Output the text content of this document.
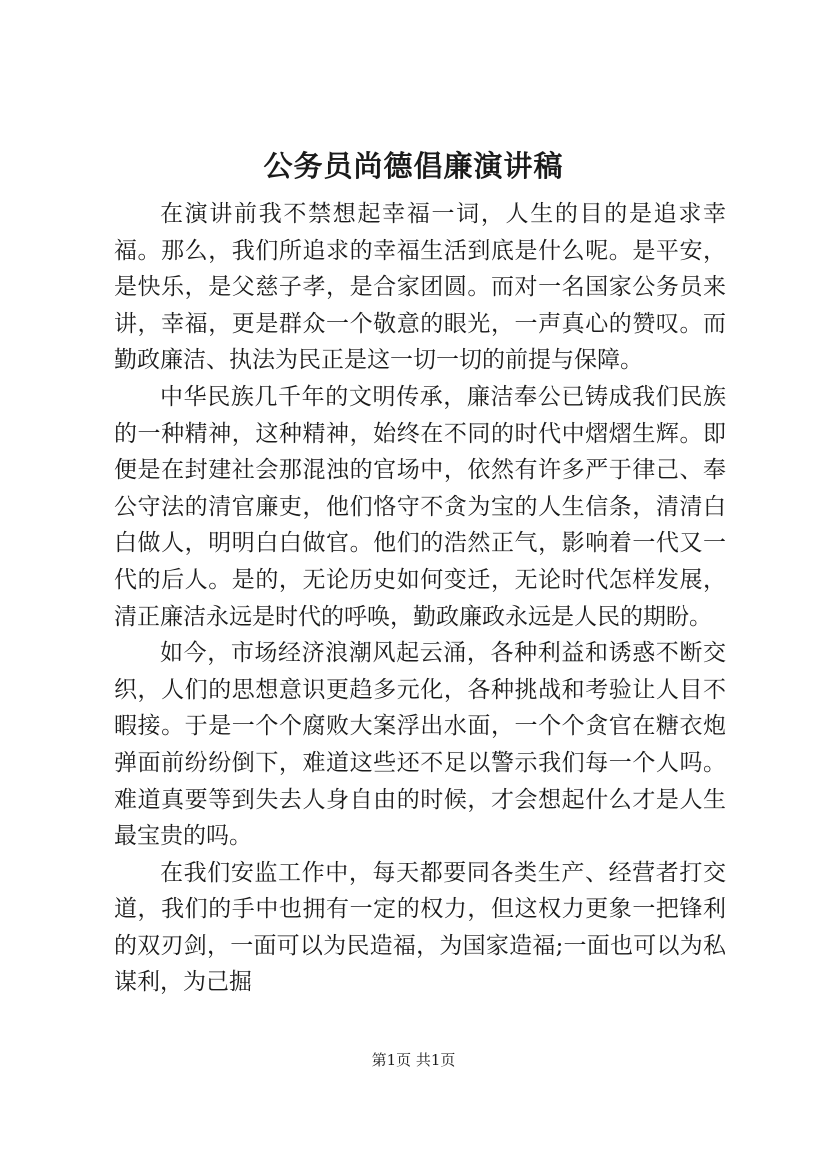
公务员尚德倡廉演讲稿

在演讲前我不禁想起幸福一词，人生的目的是追求幸福。那么，我们所追求的幸福生活到底是什么呢。是平安，是快乐，是父慈子孝，是合家团圆。而对一名国家公务员来讲，幸福，更是群众一个敬意的眼光，一声真心的赞叹。而勤政廉洁、执法为民正是这一切一切的前提与保障。

中华民族几千年的文明传承，廉洁奉公已铸成我们民族的一种精神，这种精神，始终在不同的时代中熠熠生辉。即便是在封建社会那混浊的官场中，依然有许多严于律己、奉公守法的清官廉吏，他们恪守不贪为宝的人生信条，清清白白做人，明明白白做官。他们的浩然正气，影响着一代又一代的后人。是的，无论历史如何变迁，无论时代怎样发展，清正廉洁永远是时代的呼唤，勤政廉政永远是人民的期盼。

如今，市场经济浪潮风起云涌，各种利益和诱惑不断交织，人们的思想意识更趋多元化，各种挑战和考验让人目不暇接。于是一个个腐败大案浮出水面，一个个贪官在糖衣炮弹面前纷纷倒下，难道这些还不足以警示我们每一个人吗。难道真要等到失去人身自由的时候，才会想起什么才是人生最宝贵的吗。

在我们安监工作中，每天都要同各类生产、经营者打交道，我们的手中也拥有一定的权力，但这权力更象一把锋利的双刃剑，一面可以为民造福，为国家造福;一面也可以为私谋利，为己掘

第1页 共1页
